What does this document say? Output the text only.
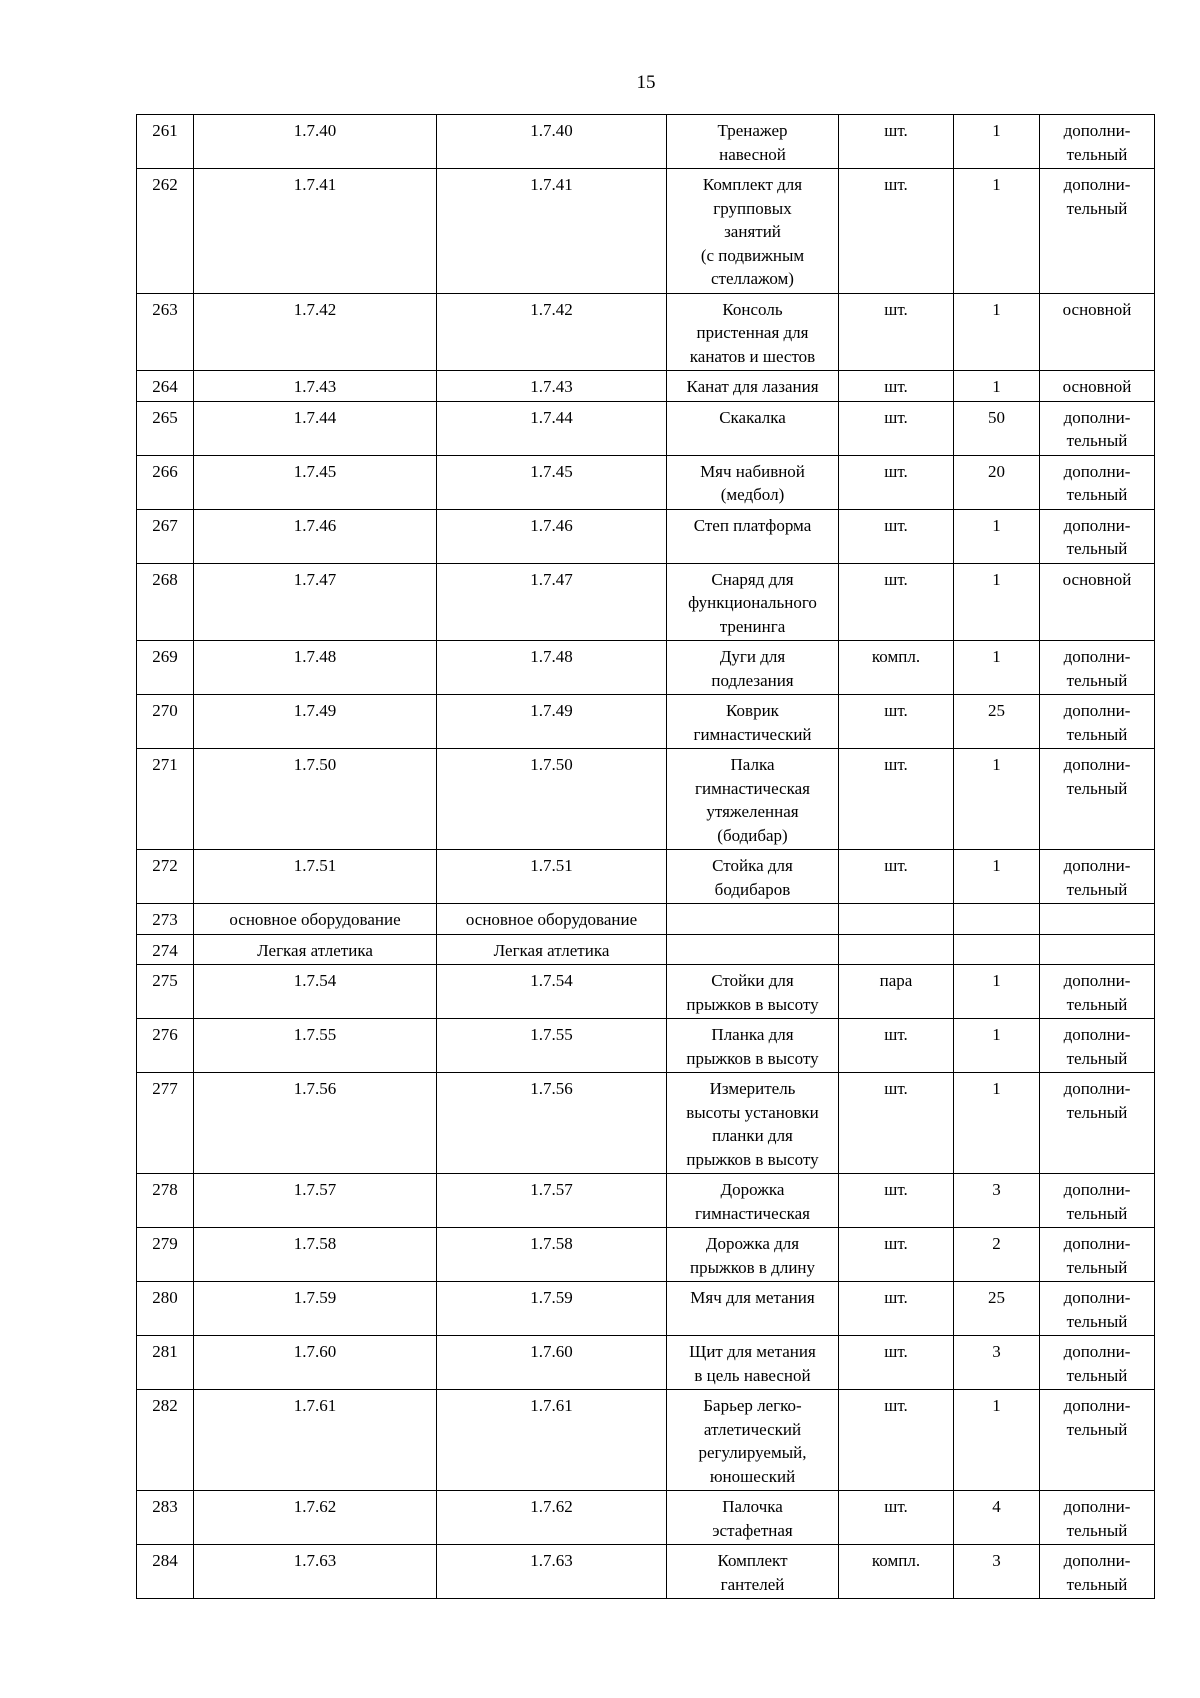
15
261	1.7.40	1.7.40	Тренажер
навесной	шт.	1	дополни-
тельный
262	1.7.41	1.7.41	Комплект для
групповых
занятий
(с подвижным
стеллажом)	шт.	1	дополни-
тельный
263	1.7.42	1.7.42	Консоль
пристенная для
канатов и шестов	шт.	1	основной
264	1.7.43	1.7.43	Канат для лазания	шт.	1	основной
265	1.7.44	1.7.44	Скакалка	шт.	50	дополни-
тельный
266	1.7.45	1.7.45	Мяч набивной
(медбол)	шт.	20	дополни-
тельный
267	1.7.46	1.7.46	Степ платформа	шт.	1	дополни-
тельный
268	1.7.47	1.7.47	Снаряд для
функционального
тренинга	шт.	1	основной
269	1.7.48	1.7.48	Дуги для
подлезания	компл.	1	дополни-
тельный
270	1.7.49	1.7.49	Коврик
гимнастический	шт.	25	дополни-
тельный
271	1.7.50	1.7.50	Палка
гимнастическая
утяжеленная
(бодибар)	шт.	1	дополни-
тельный
272	1.7.51	1.7.51	Стойка для
бодибаров	шт.	1	дополни-
тельный
273	основное оборудование	основное оборудование				
274	Легкая атлетика	Легкая атлетика				
275	1.7.54	1.7.54	Стойки для
прыжков в высоту	пара	1	дополни-
тельный
276	1.7.55	1.7.55	Планка для
прыжков в высоту	шт.	1	дополни-
тельный
277	1.7.56	1.7.56	Измеритель
высоты установки
планки для
прыжков в высоту	шт.	1	дополни-
тельный
278	1.7.57	1.7.57	Дорожка
гимнастическая	шт.	3	дополни-
тельный
279	1.7.58	1.7.58	Дорожка для
прыжков в длину	шт.	2	дополни-
тельный
280	1.7.59	1.7.59	Мяч для метания	шт.	25	дополни-
тельный
281	1.7.60	1.7.60	Щит для метания
в цель навесной	шт.	3	дополни-
тельный
282	1.7.61	1.7.61	Барьер легко-
атлетический
регулируемый,
юношеский	шт.	1	дополни-
тельный
283	1.7.62	1.7.62	Палочка
эстафетная	шт.	4	дополни-
тельный
284	1.7.63	1.7.63	Комплект
гантелей	компл.	3	дополни-
тельный
